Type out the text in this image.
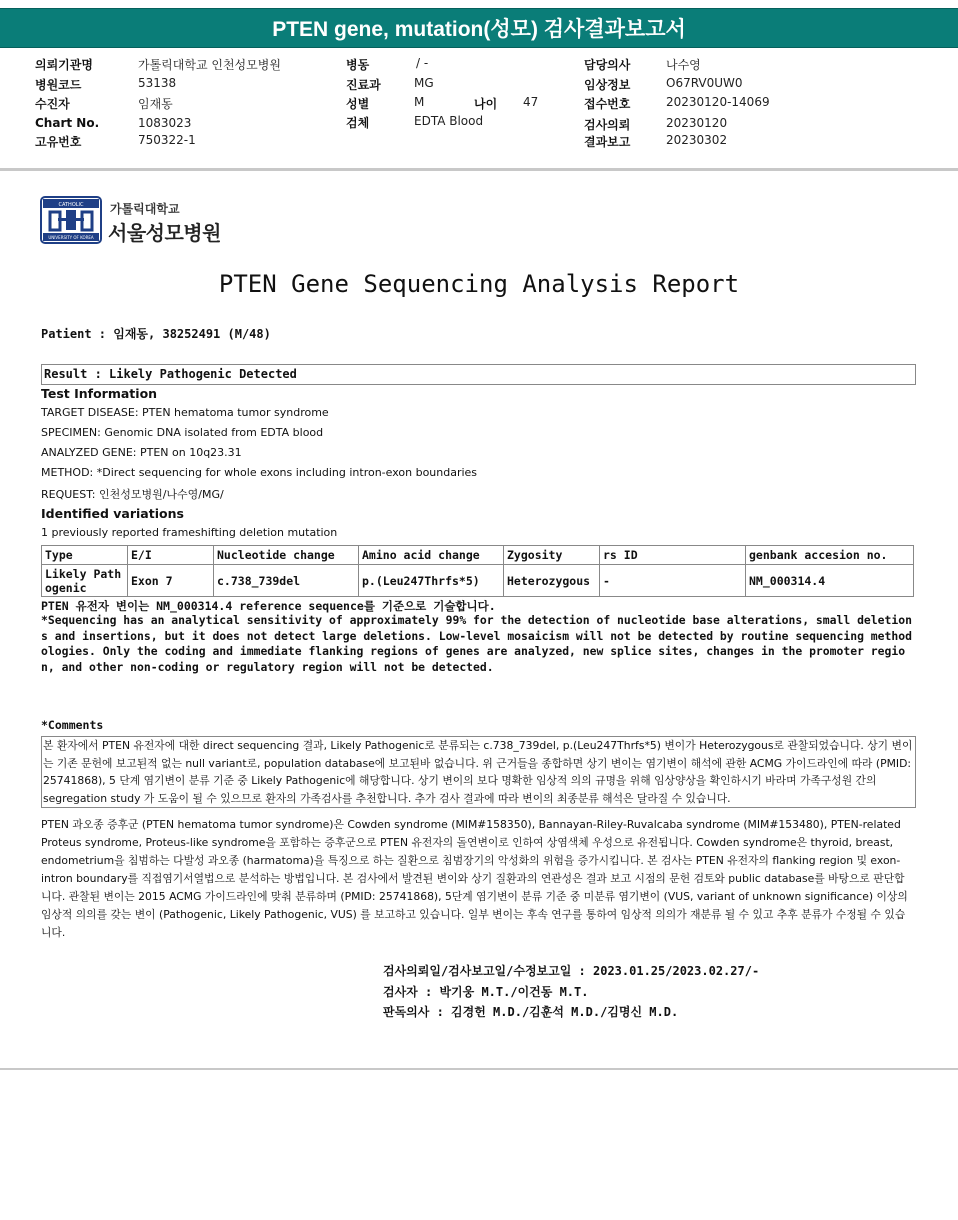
PTEN gene, mutation(성모) 검사결과보고서
의뢰기관명	가톨릭대학교 인천성모병원
병원코드	53138
수진자	임재동
Chart No.	1083023
고유번호	750322-1
병동	/ -
진료과	MG
성별	M	나이 47
검체	EDTA Blood
담당의사	나수영
임상정보	O67RV0UW0
접수번호	20230120-14069
검사의뢰	20230120
결과보고	20230302
CATHOLIC
UNIVERSITY OF KOREA
가톨릭대학교
서울성모병원
PTEN Gene Sequencing Analysis Report
Patient : 임재동, 38252491 (M/48)
Result : Likely Pathogenic Detected
Test Information
TARGET DISEASE: PTEN hematoma tumor syndrome
SPECIMEN: Genomic DNA isolated from EDTA blood
ANALYZED GENE: PTEN on 10q23.31
METHOD: *Direct sequencing for whole exons including intron-exon boundaries
REQUEST: 인천성모병원/나수영/MG/
Identified variations
1 previously reported frameshifting deletion mutation
Type	E/I	Nucleotide change	Amino acid change	Zygosity	rs ID	genbank accesion no.
Likely Path ogenic	Exon 7	c.738_739del	p.(Leu247Thrfs*5)	Heterozygous	-	NM_000314.4
PTEN 유전자 변이는 NM_000314.4 reference sequence를 기준으로 기술합니다.
*Sequencing has an analytical sensitivity of approximately 99% for the detection of nucleotide base alterations, small deletions and insertions, but it does not detect large deletions. Low-level mosaicism will not be detected by routine sequencing methodologies. Only the coding and immediate flanking regions of genes are analyzed, new splice sites, changes in the promoter region, and other non-coding or regulatory region will not be detected.
*Comments
본 환자에서 PTEN 유전자에 대한 direct sequencing 결과, Likely Pathogenic로 분류되는 c.738_739del, p.(Leu247Thrfs*5) 변이가 Heterozygous로 관찰되었습니다. 상기 변이는 기존 문헌에 보고된적 없는 null variant로, population database에 보고된바 없습니다. 위 근거들을 종합하면 상기 변이는 염기변이 해석에 관한 ACMG 가이드라인에 따라 (PMID: 25741868), 5 단계 염기변이 분류 기준 중 Likely Pathogenic에 해당합니다. 상기 변이의 보다 명확한 임상적 의의 규명을 위해 임상양상을 확인하시기 바라며 가족구성원 간의 segregation study 가 도움이 될 수 있으므로 환자의 가족검사를 추천합니다. 추가 검사 결과에 따라 변이의 최종분류 해석은 달라질 수 있습니다.
PTEN 과오종 증후군 (PTEN hematoma tumor syndrome)은 Cowden syndrome (MIM#158350), Bannayan-Riley-Ruvalcaba syndrome (MIM#153480), PTEN-related Proteus syndrome, Proteus-like syndrome을 포함하는 증후군으로 PTEN 유전자의 돌연변이로 인하여 상염색체 우성으로 유전됩니다. Cowden syndrome은 thyroid, breast, endometrium을 침범하는 다발성 과오종 (harmatoma)을 특징으로 하는 질환으로 침범장기의 악성화의 위험을 증가시킵니다. 본 검사는 PTEN 유전자의 flanking region 및 exon-intron boundary를 직접염기서열법으로 분석하는 방법입니다. 본 검사에서 발견된 변이와 상기 질환과의 연관성은 결과 보고 시점의 문헌 검토와 public database를 바탕으로 판단합니다. 관찰된 변이는 2015 ACMG 가이드라인에 맞춰 분류하며 (PMID: 25741868), 5단계 염기변이 분류 기준 중 미분류 염기변이 (VUS, variant of unknown significance) 이상의 임상적 의의를 갖는 변이 (Pathogenic, Likely Pathogenic, VUS) 를 보고하고 있습니다. 일부 변이는 후속 연구를 통하여 임상적 의의가 재분류 될 수 있고 추후 분류가 수정될 수 있습니다.
검사의뢰일/검사보고일/수정보고일 : 2023.01.25/2023.02.27/-
검사자 : 박기웅 M.T./이건동 M.T.
판독의사 : 김경헌 M.D./김훈석 M.D./김명신 M.D.
